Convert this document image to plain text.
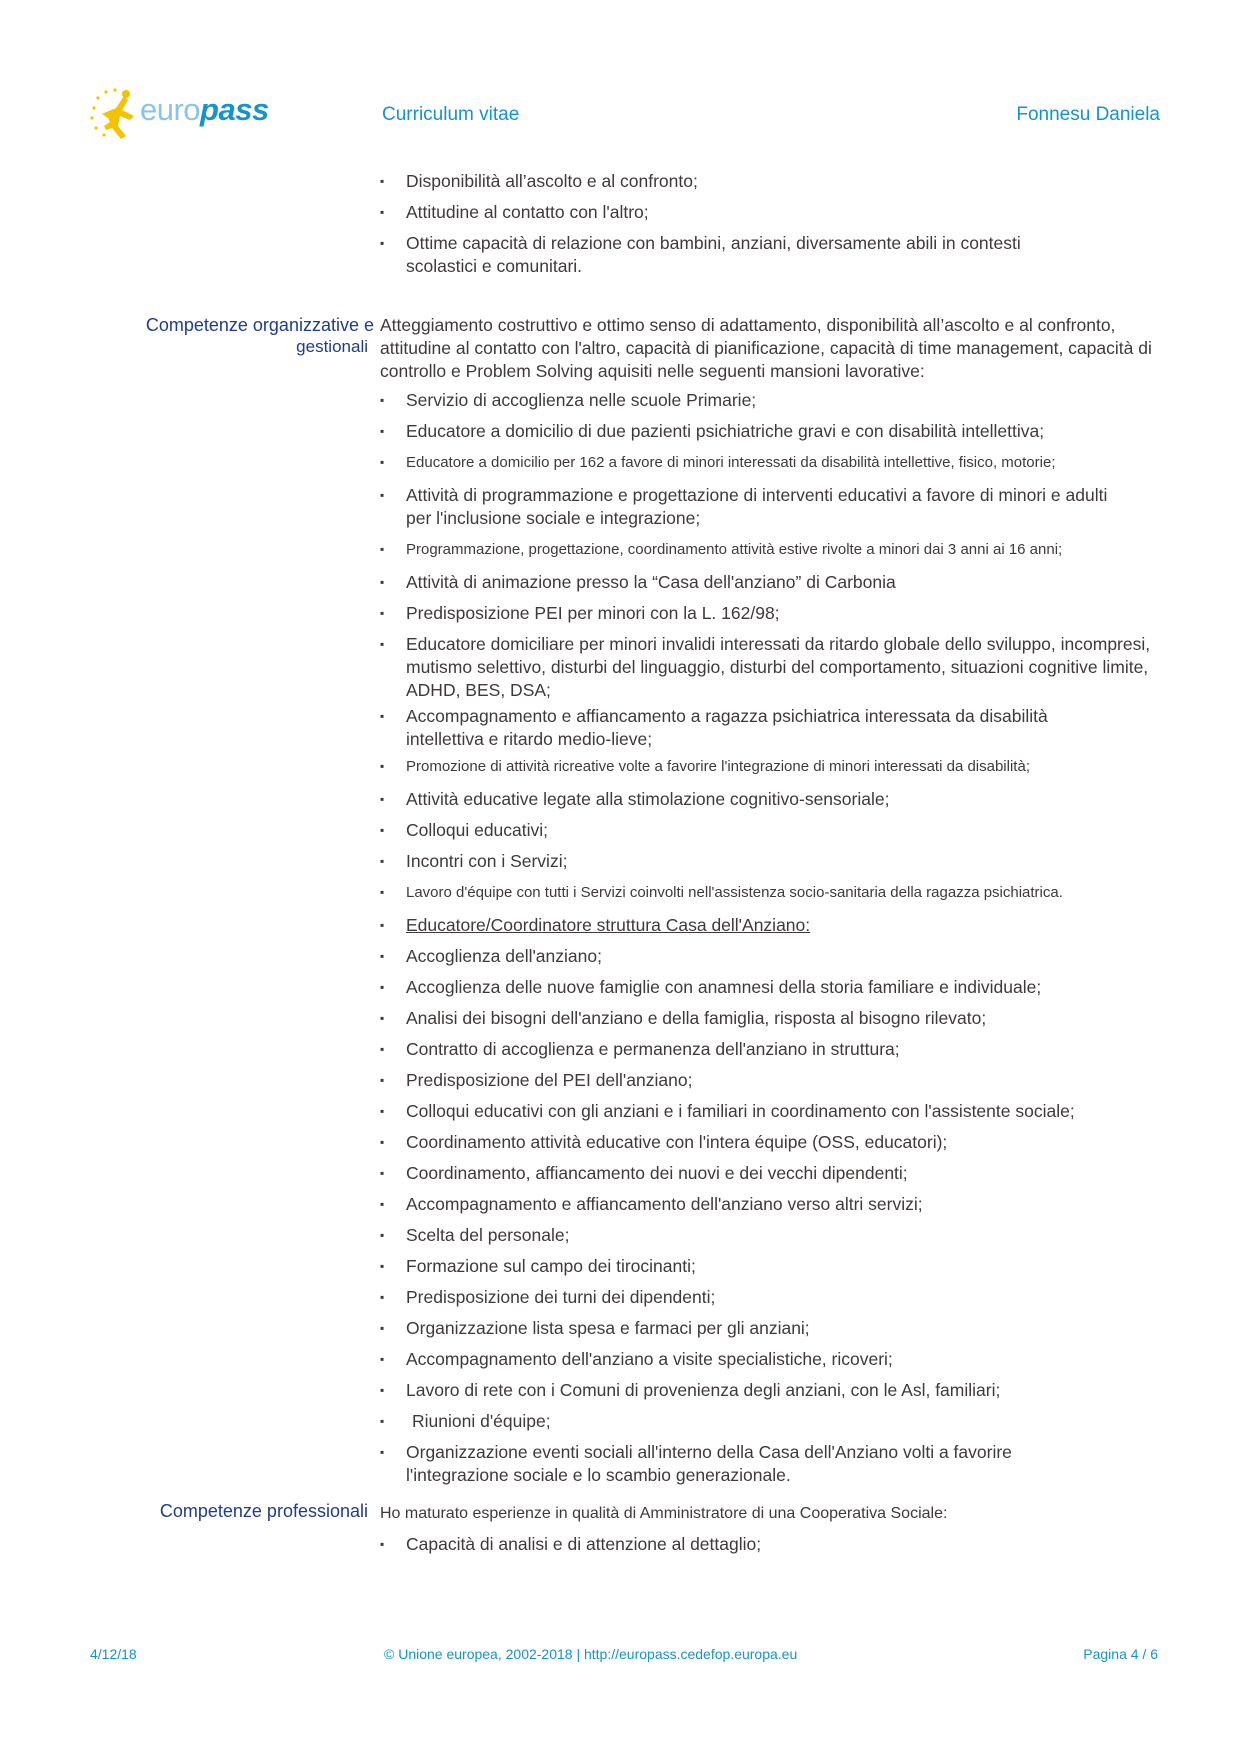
europass	Curriculum vitae	Fonnesu Daniela
▪ Disponibilità all’ascolto e al confronto;
▪ Attitudine al contatto con l'altro;
▪ Ottime capacità di relazione con bambini, anziani, diversamente abili in contesti scolastici e comunitari.
Competenze organizzative e
gestionali

Atteggiamento costruttivo e ottimo senso di adattamento, disponibilità all’ascolto e al confronto, attitudine al contatto con l'altro, capacità di pianificazione, capacità di time management, capacità di controllo e Problem Solving aquisiti nelle seguenti mansioni lavorative:

▪ Servizio di accoglienza nelle scuole Primarie;
▪ Educatore a domicilio di due pazienti psichiatriche gravi e con disabilità intellettiva;
▪ Educatore a domicilio per 162 a favore di minori interessati da disabilità intellettive, fisico, motorie;
▪ Attività di programmazione e progettazione di interventi educativi a favore di minori e adulti per l'inclusione sociale e integrazione;
▪ Programmazione, progettazione, coordinamento attività estive rivolte a minori dai 3 anni ai 16 anni;
▪ Attività di animazione presso la “Casa dell'anziano” di Carbonia
▪ Predisposizione PEI per minori con la L. 162/98;
▪ Educatore domiciliare per minori invalidi interessati da ritardo globale dello sviluppo, incompresi, mutismo selettivo, disturbi del linguaggio, disturbi del comportamento, situazioni cognitive limite, ADHD, BES, DSA;
▪ Accompagnamento e affiancamento a ragazza psichiatrica interessata da disabilità intellettiva e ritardo medio-lieve;
▪ Promozione di attività ricreative volte a favorire l'integrazione di minori interessati da disabilità;
▪ Attività educative legate alla stimolazione cognitivo-sensoriale;
▪ Colloqui educativi;
▪ Incontri con i Servizi;
▪ Lavoro d'équipe con tutti i Servizi coinvolti nell'assistenza socio-sanitaria della ragazza psichiatrica.
▪ Educatore/Coordinatore struttura Casa dell'Anziano:
▪ Accoglienza dell'anziano;
▪ Accoglienza delle nuove famiglie con anamnesi della storia familiare e individuale;
▪ Analisi dei bisogni dell'anziano e della famiglia, risposta al bisogno rilevato;
▪ Contratto di accoglienza e permanenza dell'anziano in struttura;
▪ Predisposizione del PEI dell'anziano;
▪ Colloqui educativi con gli anziani e i familiari in coordinamento con l'assistente sociale;
▪ Coordinamento attività educative con l'intera équipe (OSS, educatori);
▪ Coordinamento, affiancamento dei nuovi e dei vecchi dipendenti;
▪ Accompagnamento e affiancamento dell'anziano verso altri servizi;
▪ Scelta del personale;
▪ Formazione sul campo dei tirocinanti;
▪ Predisposizione dei turni dei dipendenti;
▪ Organizzazione lista spesa e farmaci per gli anziani;
▪ Accompagnamento dell'anziano a visite specialistiche, ricoveri;
▪ Lavoro di rete con i Comuni di provenienza degli anziani, con le Asl, familiari;
▪ Riunioni d'équipe;
▪ Organizzazione eventi sociali all'interno della Casa dell'Anziano volti a favorire l'integrazione sociale e lo scambio generazionale.
Competenze professionali Ho maturato esperienze in qualità di Amministratore di una Cooperativa Sociale:

▪ Capacità di analisi e di attenzione al dettaglio;
4/12/18	© Unione europea, 2002-2018 | http://europass.cedefop.europa.eu	Pagina 4 / 6
